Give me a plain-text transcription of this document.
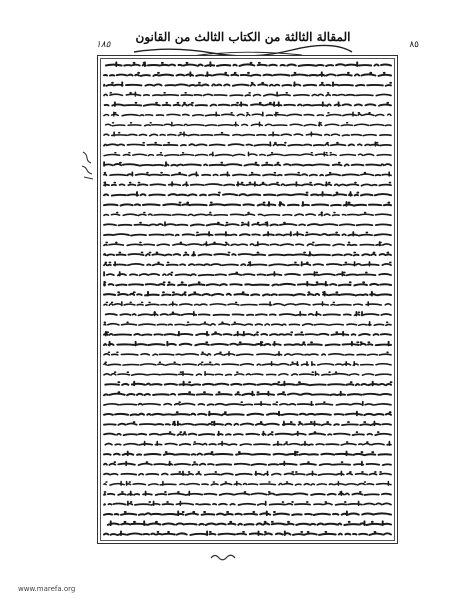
١٨٥	٨٥
المقالة الثالثة من الكتاب الثالث من القانون
www.marefa.org
